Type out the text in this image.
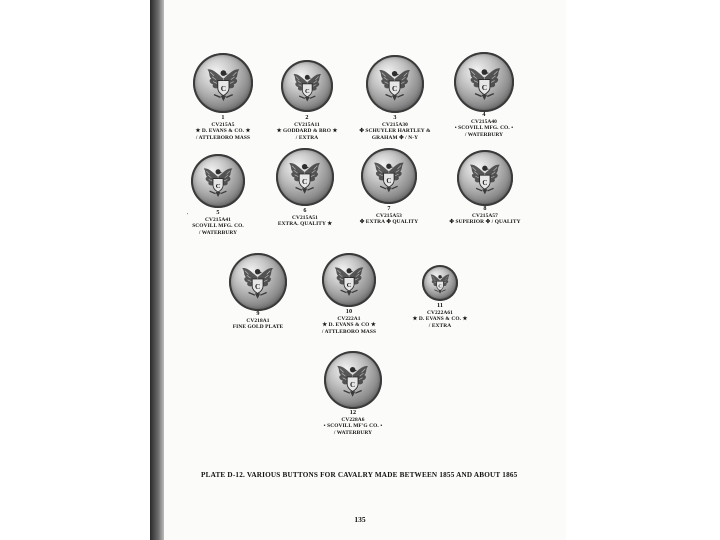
1
CV215A5
★ D. EVANS & CO. ★
/ ATTLEBORO MASS
2
CV215A11
★ GODDARD & BRO ★
/ EXTRA
3
CV215A30
✤ SCHUYLER HARTLEY &
GRAHAM ✤ / N-Y
4
CV215A40
• SCOVILL MFG. CO. •
/ WATERBURY
5
CV215A41
SCOVILL MFG. CO.
/ WATERBURY
'
6
CV215A51
EXTRA. QUALITY ★
7
CV215A53
✤ EXTRA ✤ QUALITY
8
CV215A57
✤ SUPERIOR ✤ / QUALITY
9
CV218A1
FINE GOLD PLATE
10
CV222A1
★ D. EVANS & CO ★
/ ATTLEBORO MASS
11
CV222A61
★ D. EVANS & CO. ★
/ EXTRA
12
CV228A6
• SCOVILL MF'G CO. •
/ WATERBURY
PLATE D-12. VARIOUS BUTTONS FOR CAVALRY MADE BETWEEN 1855 AND ABOUT 1865
135
